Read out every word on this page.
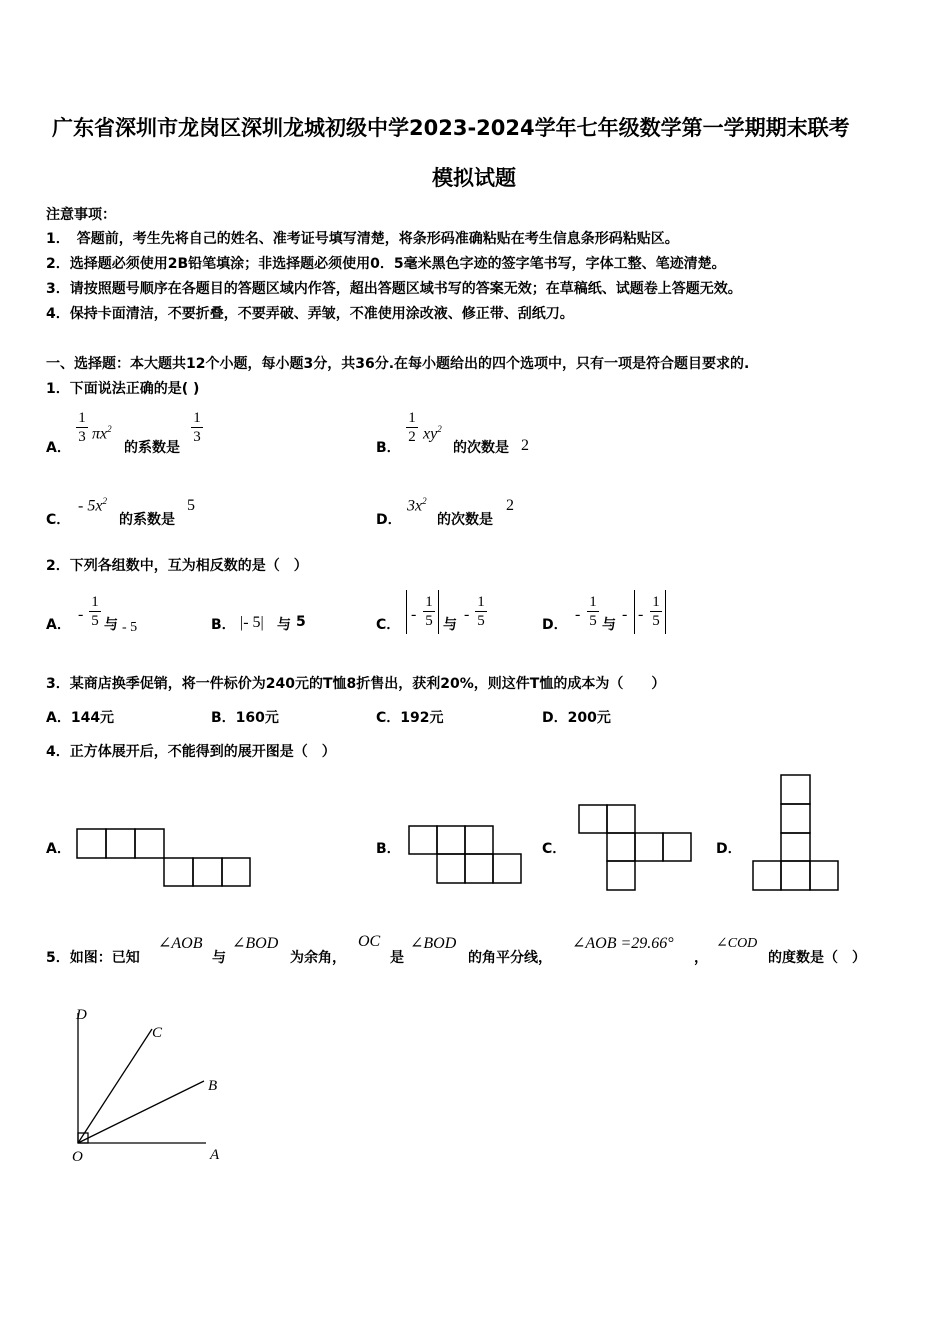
广东省深圳市龙岗区深圳龙城初级中学2023-2024学年七年级数学第一学期期末联考
模拟试题
注意事项：
1．　答题前，考生先将自己的姓名、准考证号填写清楚，将条形码准确粘贴在考生信息条形码粘贴区。
2．选择题必须使用2B铅笔填涂；非选择题必须使用0．5毫米黑色字迹的签字笔书写，字体工整、笔迹清楚。
3．请按照题号顺序在各题目的答题区域内作答，超出答题区域书写的答案无效；在草稿纸、试题卷上答题无效。
4．保持卡面清洁，不要折叠，不要弄破、弄皱，不准使用涂改液、修正带、刮纸刀。
一、选择题：本大题共12个小题，每小题3分，共36分.在每小题给出的四个选项中，只有一项是符合题目要求的.
1．下面说法正确的是( )
A．
1
3 $\pi x^2$
的系数是
1
3
B．
1
2 $xy^2$
的次数是 2
C．
- $5x^2$
的系数是
5
D．
$3x^2$
的次数是
2
2．下列各组数中，互为相反数的是（　）
A．
-
1
5 与 - 5	B． |- 5| 与 5	C．
-
1
5 与
-
1
5	D．
-
1
5 与
- -
1
5
3．某商店换季促销，将一件标价为240元的T恤8折售出，获利20%，则这件T恤的成本为（　　）
A．144元	B．160元	C．192元	D．200元
4．正方体展开后，不能得到的展开图是（　）
A．	B．	C．	D．
5．如图：已知
∠AOB
与
∠BOD
为余角，
OC
是
∠BOD
的角平分线，
∠AOB =29.66°
，
∠COD
的度数是（　）
D
C
B
O	A
